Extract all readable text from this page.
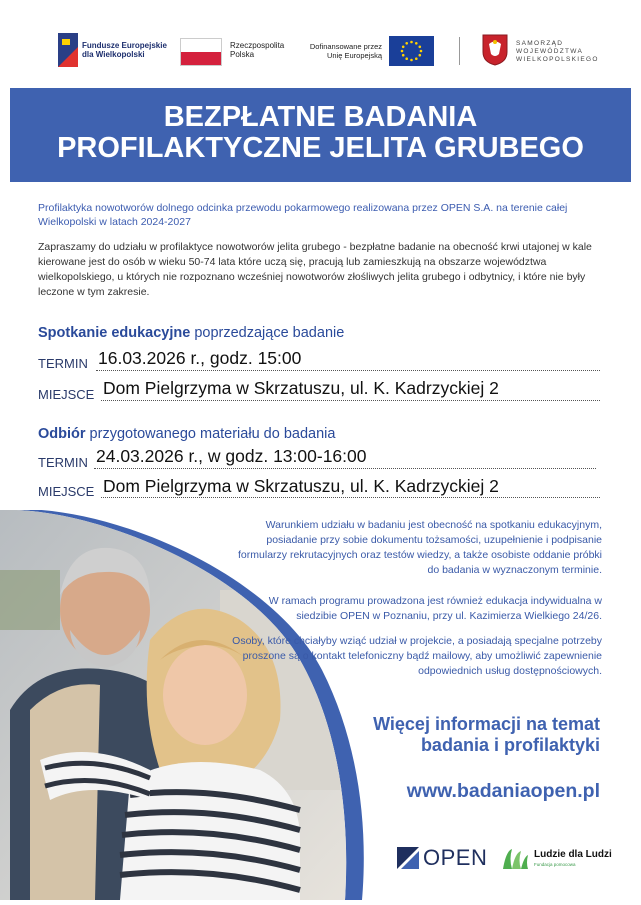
Fundusze Europejskie
dla Wielkopolski
Rzeczpospolita
Polska
Dofinansowane przez
Unię Europejską
SAMORZĄD
WOJEWÓDZTWA
WIELKOPOLSKIEGO
BEZPŁATNE BADANIA
PROFILAKTYCZNE JELITA GRUBEGO
Profilaktyka nowotworów dolnego odcinka przewodu pokarmowego realizowana przez OPEN S.A. na terenie całej Wielkopolski w latach 2024-2027
Zapraszamy do udziału w profilaktyce nowotworów jelita grubego - bezpłatne badanie na obecność krwi utajonej w kale kierowane jest do osób w wieku 50-74 lata które uczą się, pracują lub zamieszkują na obszarze województwa wielkopolskiego, u których nie rozpoznano wcześniej nowotworów złośliwych jelita grubego i odbytnicy, i które nie były leczone w tym zakresie.
Spotkanie edukacyjne poprzedzające badanie
TERMIN 16.03.2026 r., godz. 15:00
MIEJSCE Dom Pielgrzyma w Skrzatuszu, ul. K. Kadrzyckiej 2
Odbiór przygotowanego materiału do badania
TERMIN 24.03.2026 r., w godz. 13:00-16:00
MIEJSCE Dom Pielgrzyma w Skrzatuszu, ul. K. Kadrzyckiej 2
Warunkiem udziału w badaniu jest obecność na spotkaniu edukacyjnym, posiadanie przy sobie dokumentu tożsamości, uzupełnienie i podpisanie formularzy rekrutacyjnych oraz testów wiedzy, a także osobiste oddanie próbki do badania w wyznaczonym terminie.
W ramach programu prowadzona jest również edukacja indywidualna w siedzibie OPEN w Poznaniu, przy ul. Kazimierza Wielkiego 24/26.
Osoby, które chciałyby wziąć udział w projekcie, a posiadają specjalne potrzeby proszone są o kontakt telefoniczny bądź mailowy, aby umożliwić zapewnienie odpowiednich usług dostępnościowych.
Więcej informacji na temat
badania i profilaktyki
www.badaniaopen.pl
OPEN	Ludzie dla Ludzi
Fundacja pomocowa
